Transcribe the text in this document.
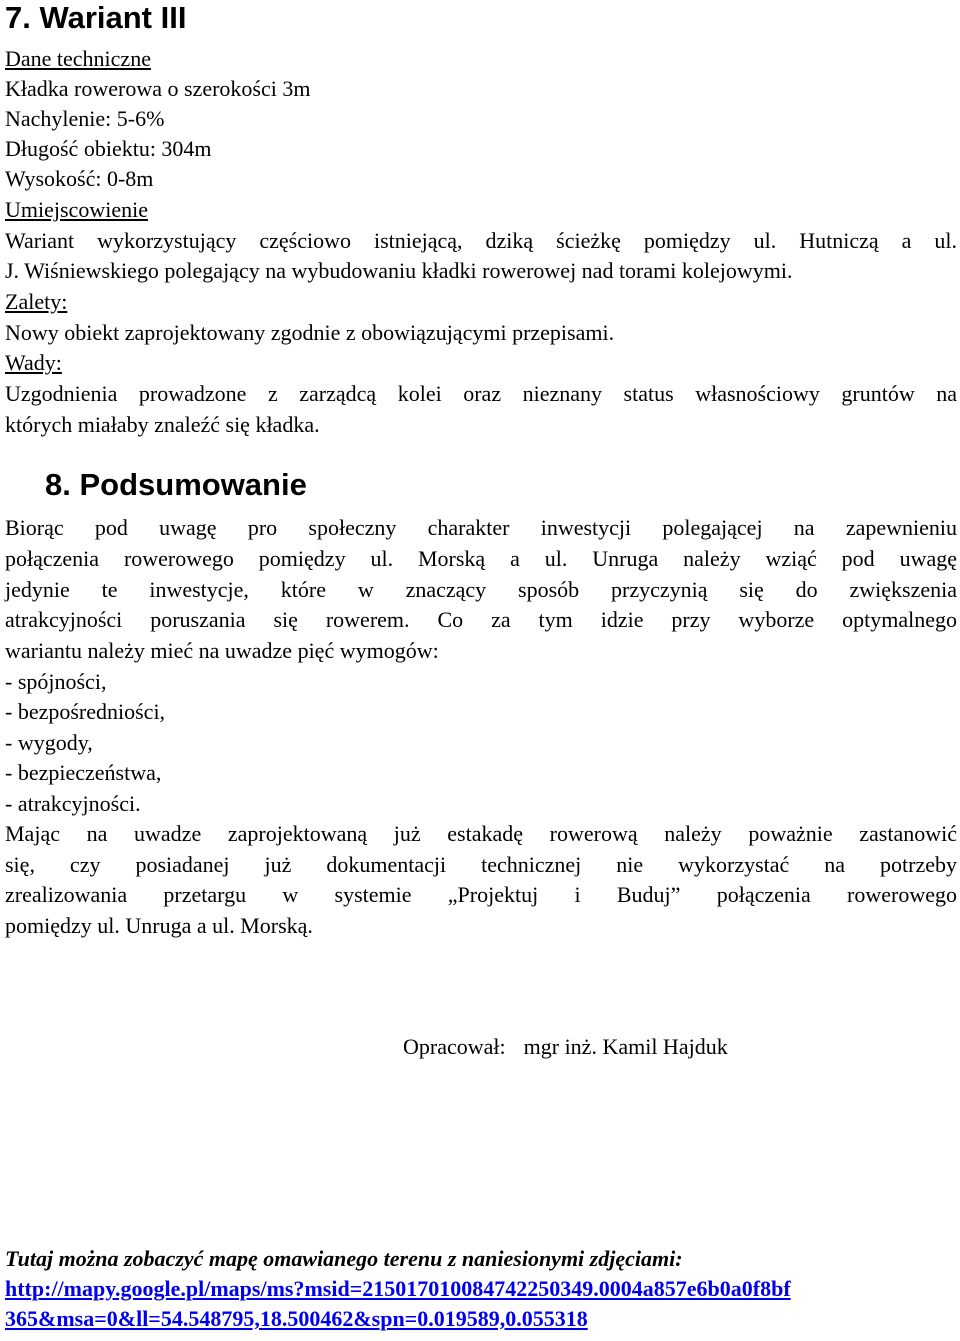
7. Wariant III
Dane techniczne
Kładka rowerowa o szerokości 3m
Nachylenie: 5-6%
Długość obiektu: 304m
Wysokość: 0-8m
Umiejscowienie
Wariant wykorzystujący częściowo istniejącą, dziką ścieżkę pomiędzy ul. Hutniczą a ul.
J. Wiśniewskiego polegający na wybudowaniu kładki rowerowej nad torami kolejowymi.
Zalety:
Nowy obiekt zaprojektowany zgodnie z obowiązującymi przepisami.
Wady:
Uzgodnienia prowadzone z zarządcą kolei oraz nieznany status własnościowy gruntów na
których miałaby znaleźć się kładka.
8. Podsumowanie
Biorąc pod uwagę pro społeczny charakter inwestycji polegającej na zapewnieniu
połączenia rowerowego pomiędzy ul. Morską a ul. Unruga należy wziąć pod uwagę
jedynie te inwestycje, które w znaczący sposób przyczynią się do zwiększenia
atrakcyjności poruszania się rowerem. Co za tym idzie przy wyborze optymalnego
wariantu należy mieć na uwadze pięć wymogów:
- spójności,
- bezpośredniości,
- wygody,
- bezpieczeństwa,
- atrakcyjności.
Mając na uwadze zaprojektowaną już estakadę rowerową należy poważnie zastanowić
się, czy posiadanej już dokumentacji technicznej nie wykorzystać na potrzeby
zrealizowania przetargu w systemie „Projektuj i Buduj” połączenia rowerowego
pomiędzy ul. Unruga a ul. Morską.
Opracował: mgr inż. Kamil Hajduk
Tutaj można zobaczyć mapę omawianego terenu z naniesionymi zdjęciami:
http://mapy.google.pl/maps/ms?msid=215017010084742250349.0004a857e6b0a0f8bf
365&msa=0&ll=54.548795,18.500462&spn=0.019589,0.055318
